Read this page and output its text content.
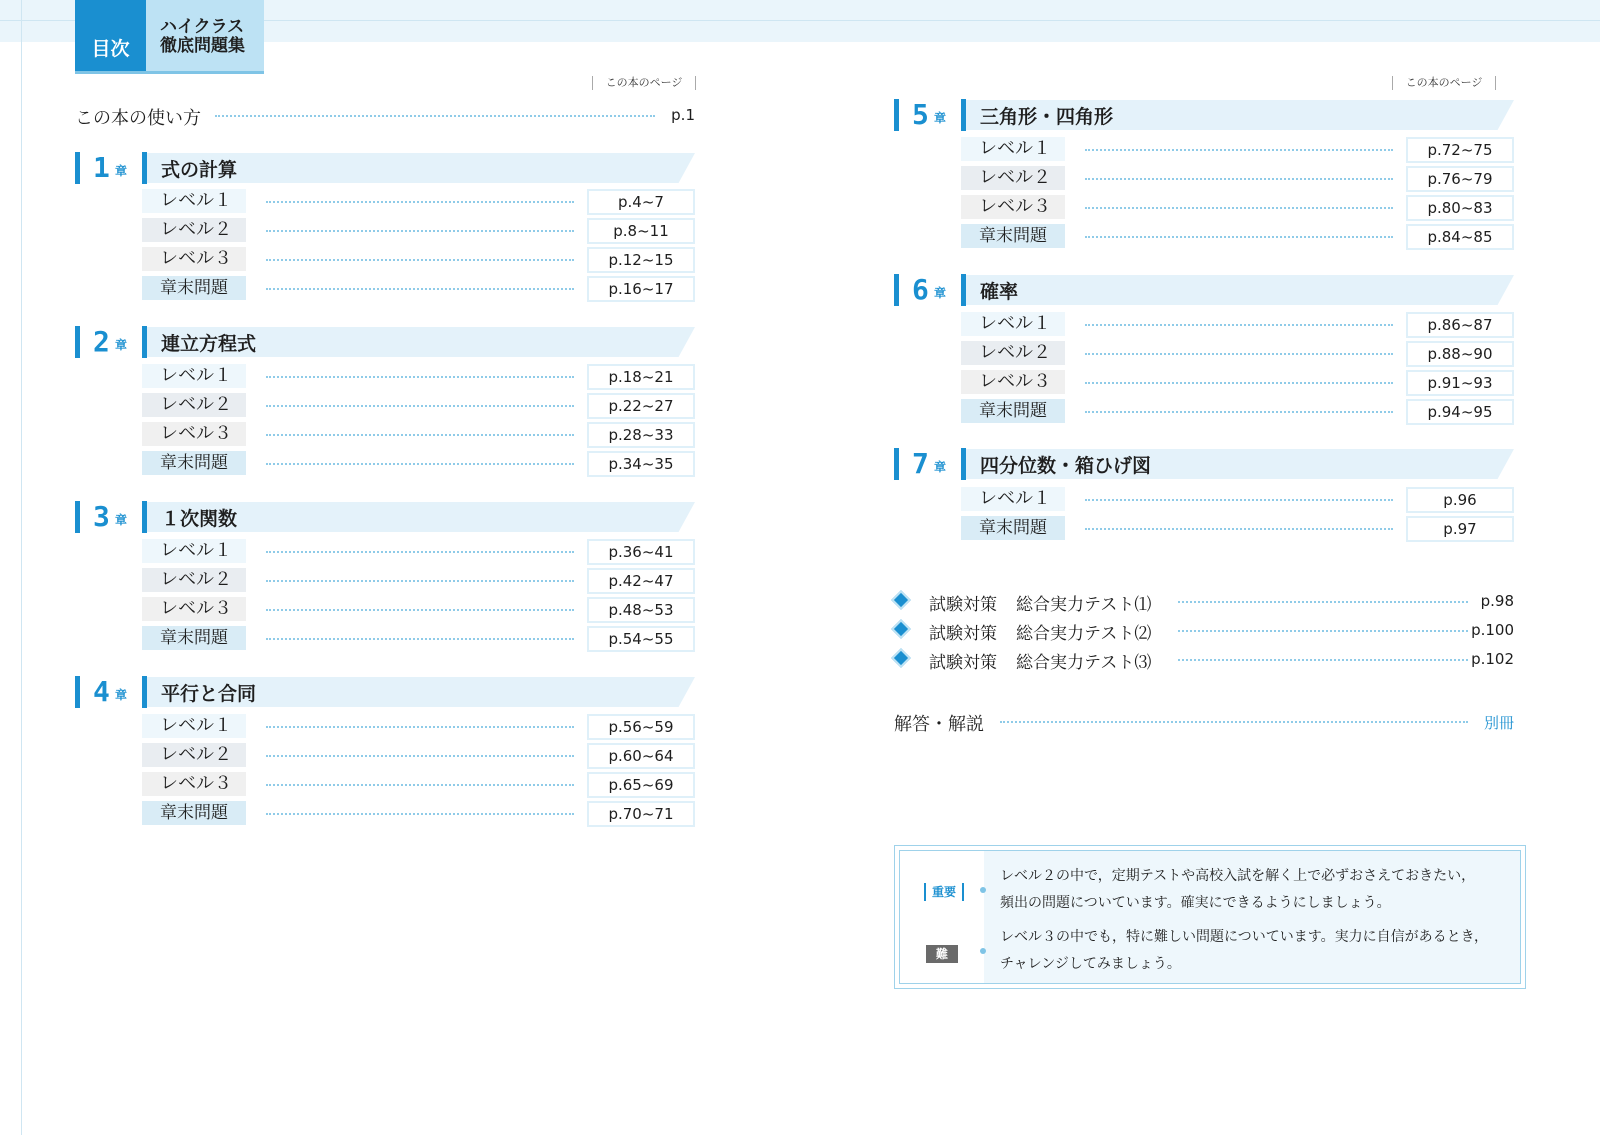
目次
ハイクラス
徹底問題集
この本のページ	この本のページ
この本の使い方	p.1
1 章 式の計算
レベル１	p.4~7
レベル２	p.8~11
レベル３	p.12~15
章末問題	p.16~17
2 章 連立方程式
レベル１	p.18~21
レベル２	p.22~27
レベル３	p.28~33
章末問題	p.34~35
3 章 １次関数
レベル１	p.36~41
レベル２	p.42~47
レベル３	p.48~53
章末問題	p.54~55
4 章 平行と合同
レベル１	p.56~59
レベル２	p.60~64
レベル３	p.65~69
章末問題	p.70~71
5 章 三角形・四角形
レベル１	p.72~75
レベル２	p.76~79
レベル３	p.80~83
章末問題	p.84~85
6 章 確率
レベル１	p.86~87
レベル２	p.88~90
レベル３	p.91~93
章末問題	p.94~95
7 章 四分位数・箱ひげ図
レベル１	p.96
章末問題	p.97
試験対策 総合実力テスト⑴	p.98
試験対策 総合実力テスト⑵	p.100
試験対策 総合実力テスト⑶	p.102
解答・解説	別冊
重要
難
レベル２の中で，定期テストや高校入試を解く上で必ずおさえておきたい，
頻出の問題についています。確実にできるようにしましょう。
レベル３の中でも，特に難しい問題についています。実力に自信があるとき，
チャレンジしてみましょう。
